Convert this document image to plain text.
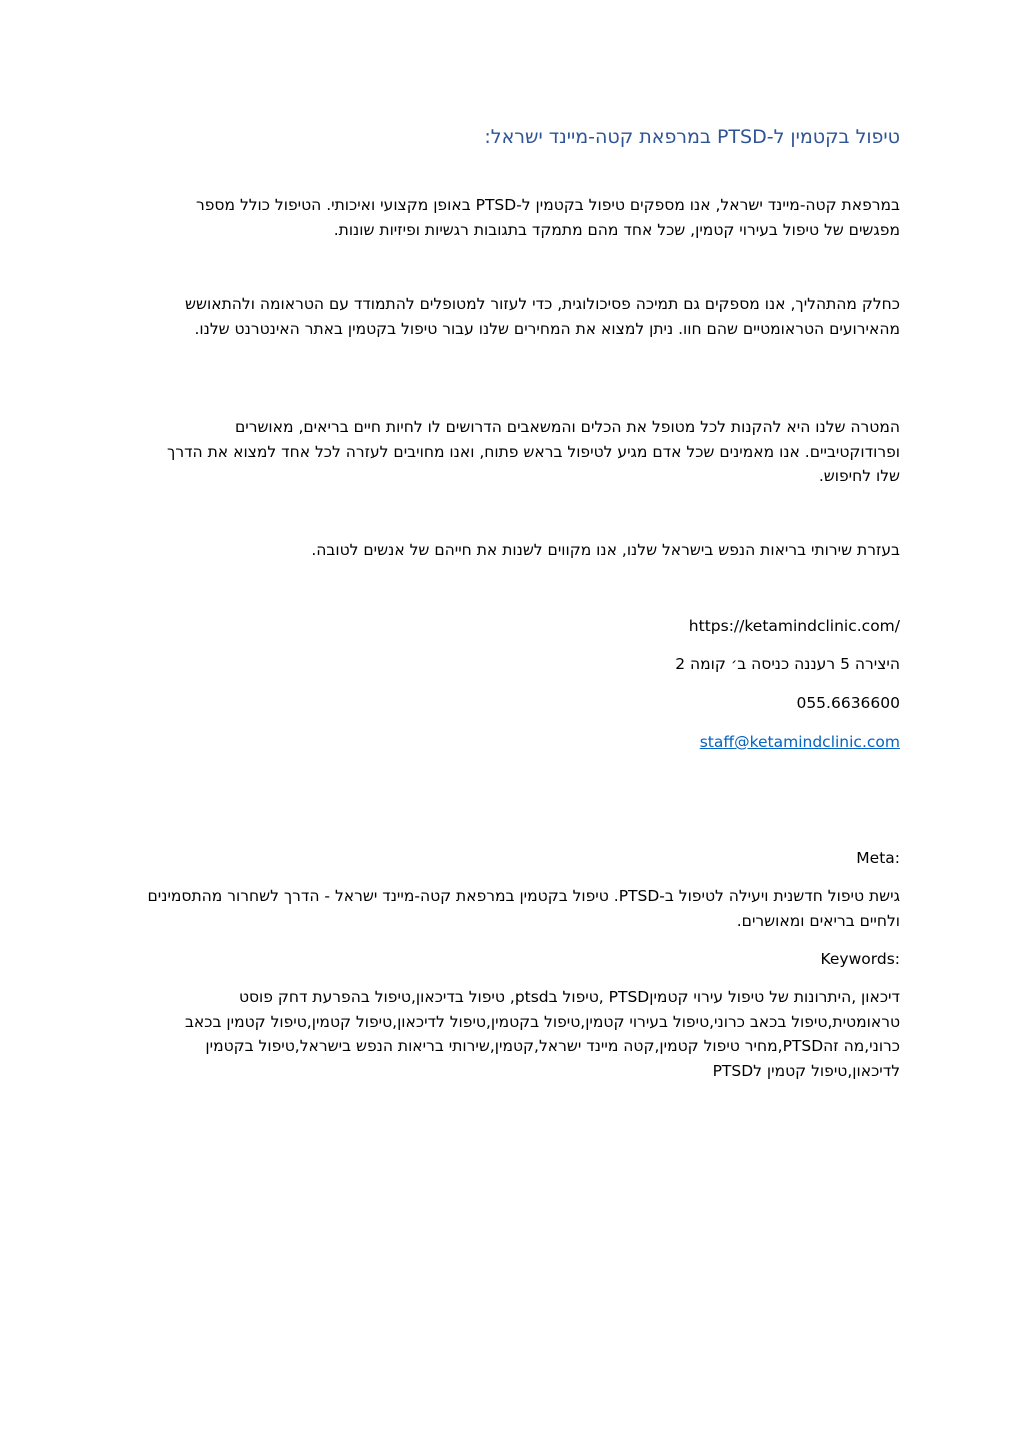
טיפול בקטמין ל-PTSD במרפאת קטה-מיינד ישראל:

במרפאת קטה-מיינד ישראל, אנו מספקים טיפול בקטמין ל-PTSD באופן מקצועי ואיכותי. הטיפול כולל מספר מפגשים של טיפול בעירוי קטמין, שכל אחד מהם מתמקד בתגובות רגשיות ופיזיות שונות.

כחלק מהתהליך, אנו מספקים גם תמיכה פסיכולוגית, כדי לעזור למטופלים להתמודד עם הטראומה ולהתאושש מהאירועים הטראומטיים שהם חוו. ניתן למצוא את המחירים שלנו עבור טיפול בקטמין באתר האינטרנט שלנו.

המטרה שלנו היא להקנות לכל מטופל את הכלים והמשאבים הדרושים לו לחיות חיים בריאים, מאושרים ופרודוקטיביים. אנו מאמינים שכל אדם מגיע לטיפול בראש פתוח, ואנו מחויבים לעזרה לכל אחד למצוא את הדרך שלו לחיפוש.

בעזרת שירותי בריאות הנפש בישראל שלנו, אנו מקווים לשנות את חייהם של אנשים לטובה.

https://ketamindclinic.com/

היצירה 5 רעננה כניסה ב׳ קומה 2

055.6636600

staff@ketamindclinic.com

Meta:

גישת טיפול חדשנית ויעילה לטיפול ב-PTSD. טיפול בקטמין במרפאת קטה-מיינד ישראל - הדרך לשחרור מהתסמינים ולחיים בריאים ומאושרים.

Keywords:

דיכאון ,היתרונות של טיפול עירוי קטמיןPTSD ,טיפול בptsd, טיפול בדיכאון,טיפול בהפרעת דחק פוסט טראומטית,טיפול בכאב כרוני,טיפול בעירוי קטמין,טיפול בקטמין,טיפול לדיכאון,טיפול קטמין,טיפול קטמין בכאב כרוני,מה זהPTSD,מחיר טיפול קטמין,קטה מיינד ישראל,קטמין,שירותי בריאות הנפש בישראל,טיפול בקטמין לדיכאון,טיפול קטמין לPTSD
